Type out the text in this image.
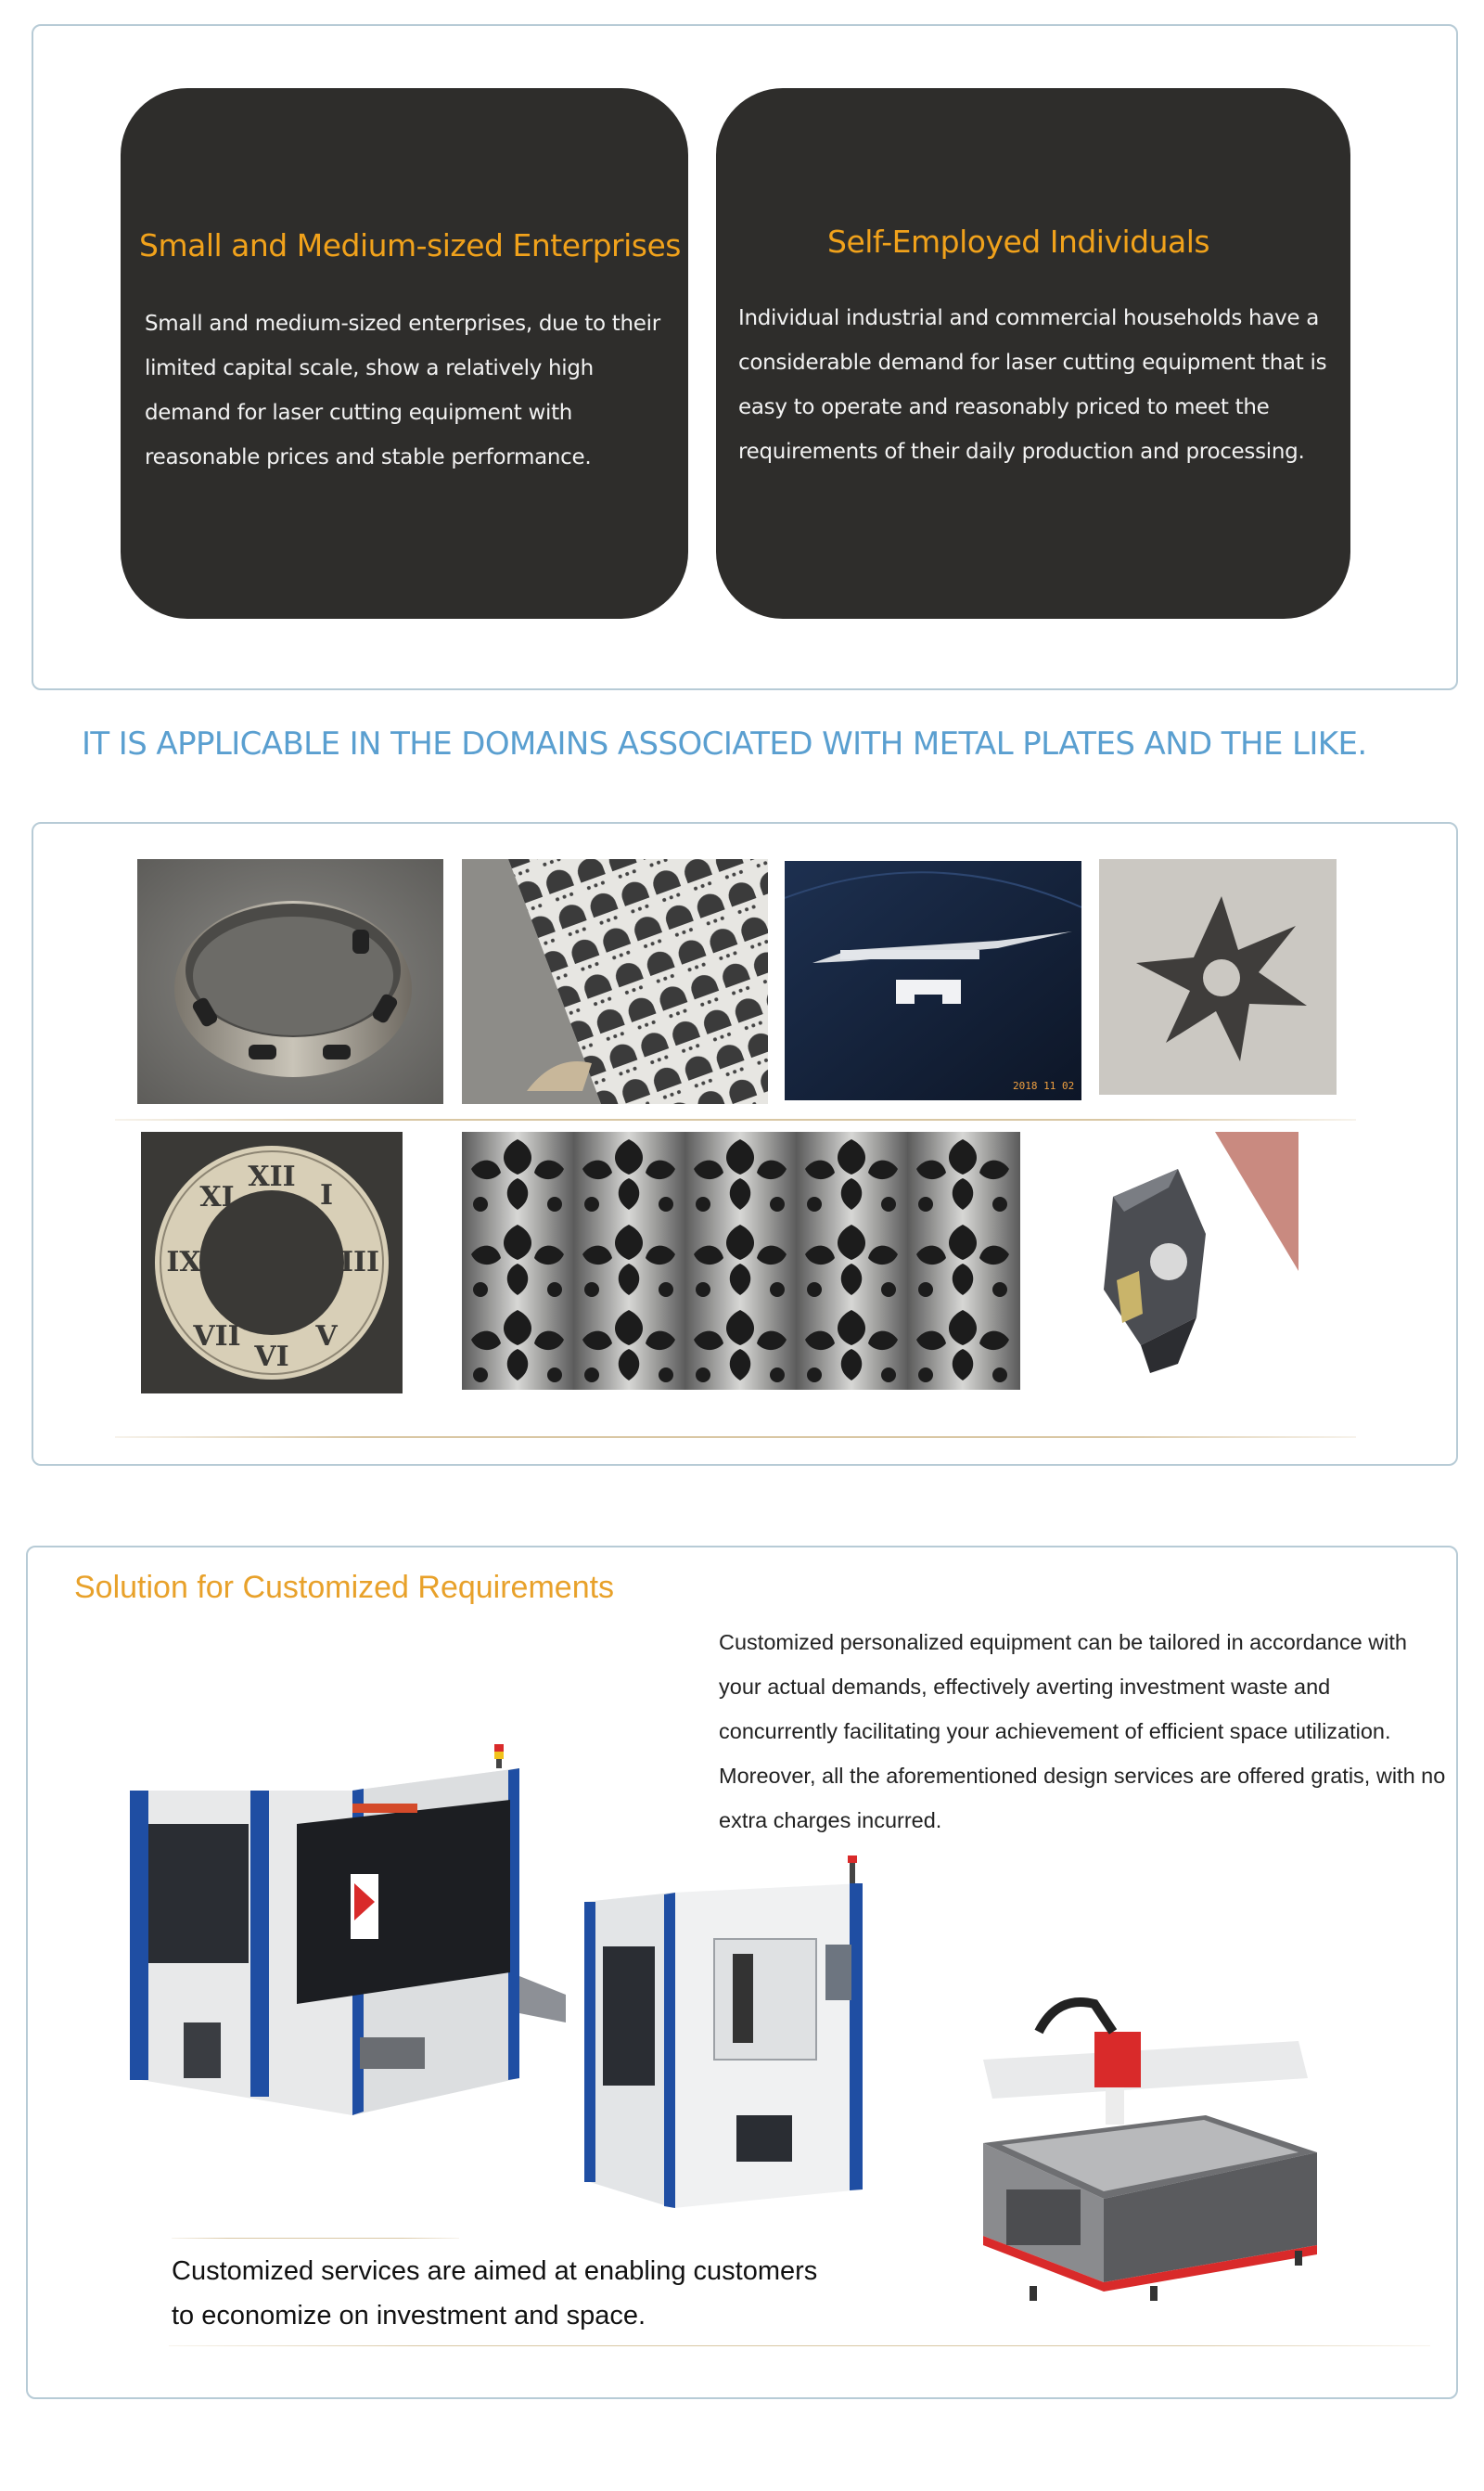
Small and Medium-sized Enterprises

Small and medium-sized enterprises, due to their limited capital scale, show a relatively high demand for laser cutting equipment with reasonable prices and stable performance.

Self-Employed Individuals

Individual industrial and commercial households have a considerable demand for laser cutting equipment that is easy to operate and reasonably priced to meet the requirements of their daily production and processing.

IT IS APPLICABLE IN THE DOMAINS ASSOCIATED WITH METAL PLATES AND THE LIKE.
2018 11 02
XII
I
III
V
VI
VII
IX
XI
Solution for Customized Requirements

Customized personalized equipment can be tailored in accordance with your actual demands, effectively averting investment waste and concurrently facilitating your achievement of efficient space utilization. Moreover, all the aforementioned design services are offered gratis, with no extra charges incurred.

Customized services are aimed at enabling customers to economize on investment and space.
